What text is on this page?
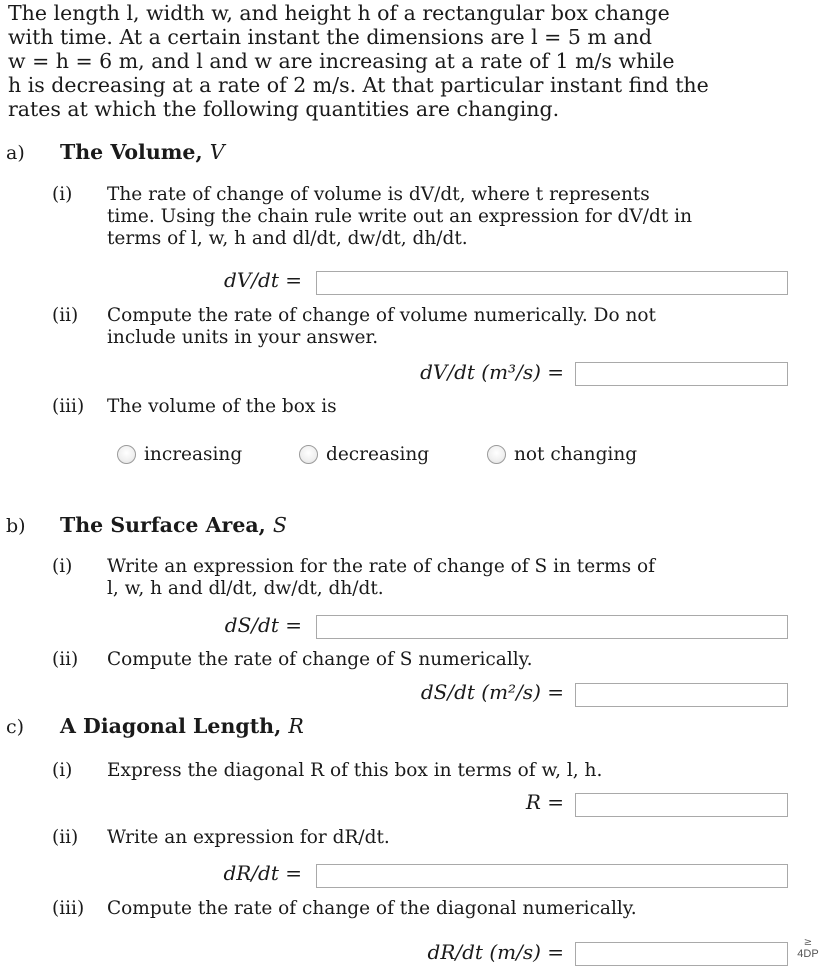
The length l, width w, and height h of a rectangular box change
with time. At a certain instant the dimensions are l = 5 m and
w = h = 6 m, and l and w are increasing at a rate of 1 m/s while
h is decreasing at a rate of 2 m/s. At that particular instant find the
rates at which the following quantities are changing.
a) The Volume, V
(i) The rate of change of volume is dV/dt, where t represents
time. Using the chain rule write out an expression for dV/dt in
terms of l, w, h and dl/dt, dw/dt, dh/dt.
dV/dt =
(ii) Compute the rate of change of volume numerically. Do not
include units in your answer.
dV/dt (m³/s) =
(iii) The volume of the box is
increasing	decreasing	not changing
b) The Surface Area, S
(i) Write an expression for the rate of change of S in terms of
l, w, h and dl/dt, dw/dt, dh/dt.
dS/dt =
(ii) Compute the rate of change of S numerically.
dS/dt (m²/s) =
c) A Diagonal Length, R
(i) Express the diagonal R of this box in terms of w, l, h.
R =
(ii) Write an expression for dR/dt.
dR/dt =
(iii) Compute the rate of change of the diagonal numerically.
dR/dt (m/s) =	≥
4DP
